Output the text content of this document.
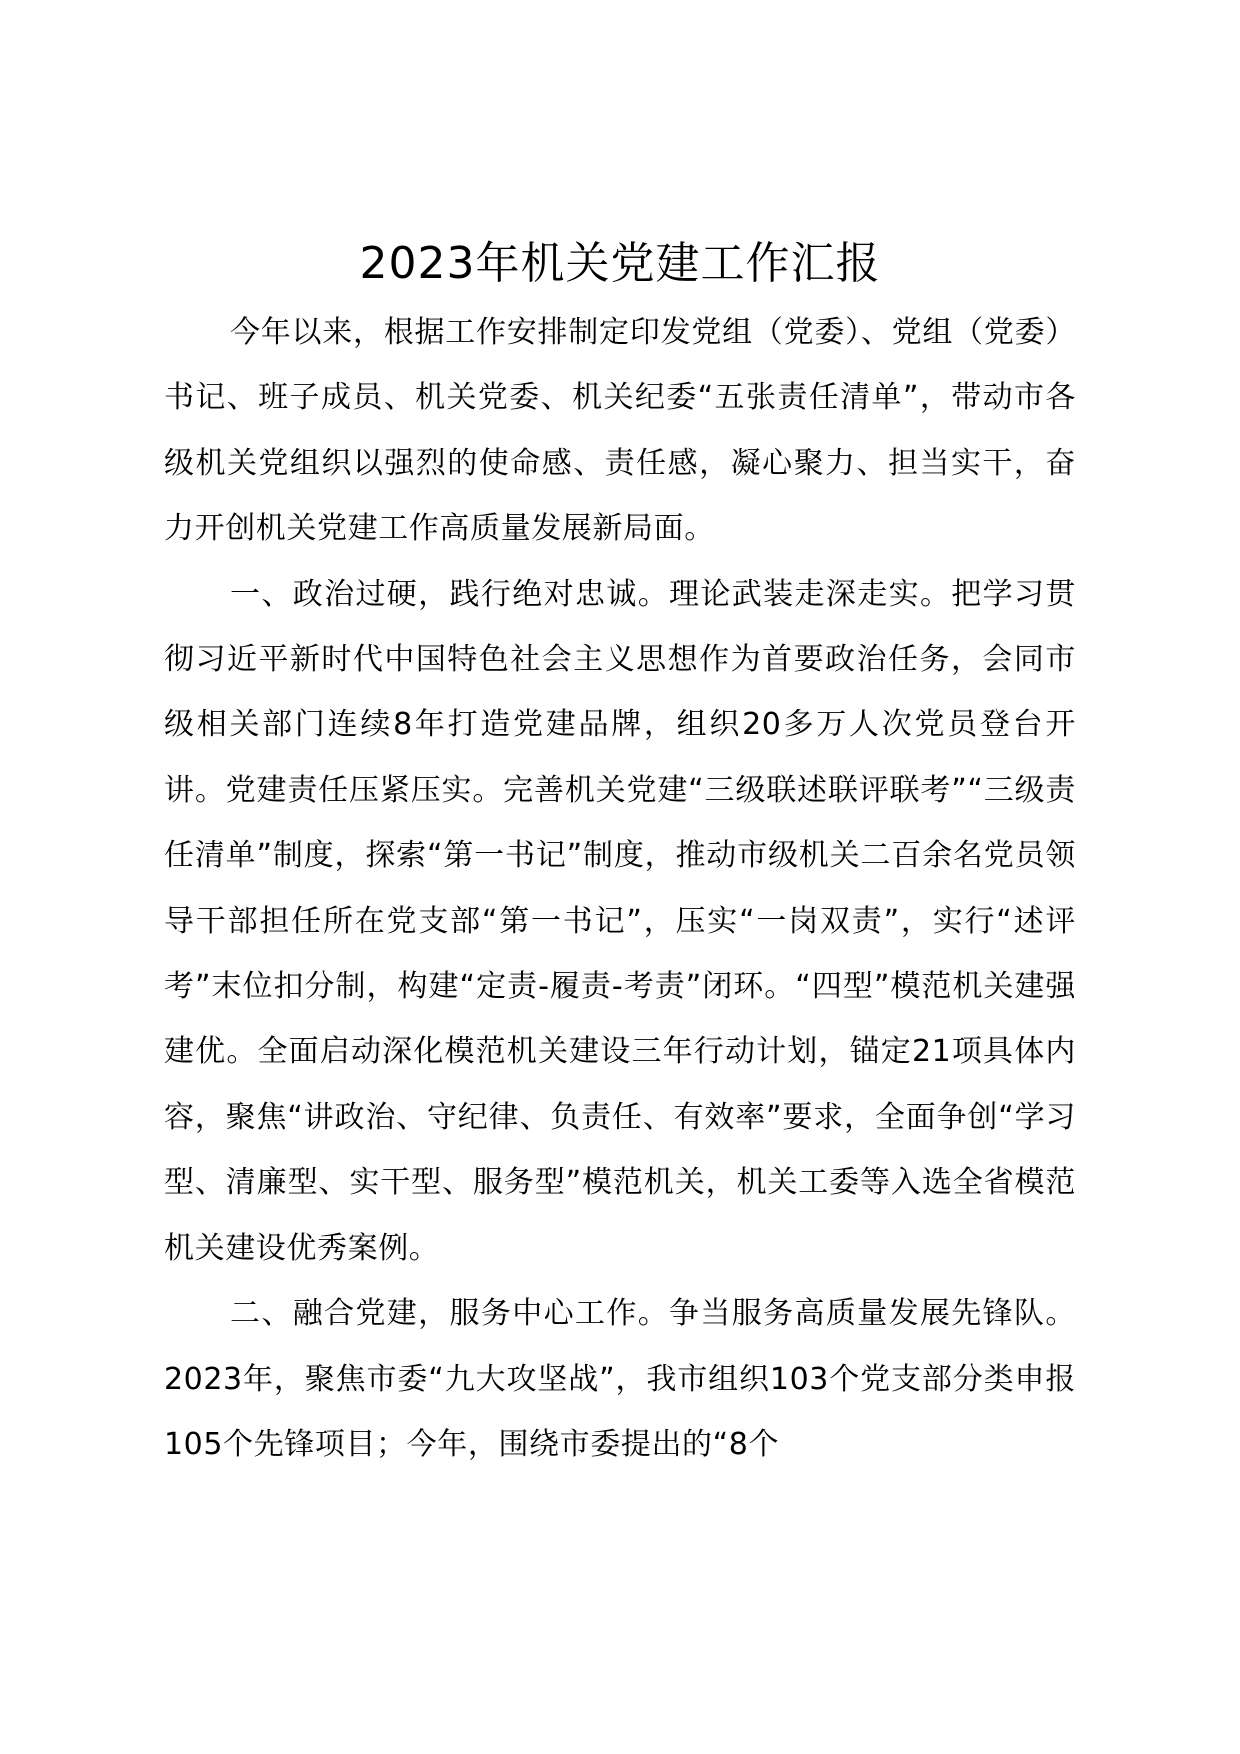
2023年机关党建工作汇报

今年以来，根据工作安排制定印发党组（党委）、党组（党委）书记、班子成员、机关党委、机关纪委“五张责任清单”，带动市各级机关党组织以强烈的使命感、责任感，凝心聚力、担当实干，奋力开创机关党建工作高质量发展新局面。

一、政治过硬，践行绝对忠诚。理论武装走深走实。把学习贯彻习近平新时代中国特色社会主义思想作为首要政治任务，会同市级相关部门连续8年打造党建品牌，组织20多万人次党员登台开讲。党建责任压紧压实。完善机关党建“三级联述联评联考”“三级责任清单”制度，探索“第一书记”制度，推动市级机关二百余名党员领导干部担任所在党支部“第一书记”，压实“一岗双责”，实行“述评考”末位扣分制，构建“定责-履责-考责”闭环。“四型”模范机关建强建优。全面启动深化模范机关建设三年行动计划，锚定21项具体内容，聚焦“讲政治、守纪律、负责任、有效率”要求，全面争创“学习型、清廉型、实干型、服务型”模范机关，机关工委等入选全省模范机关建设优秀案例。

二、融合党建，服务中心工作。争当服务高质量发展先锋队。2023年，聚焦市委“九大攻坚战”，我市组织103个党支部分类申报105个先锋项目；今年，围绕市委提出的“8个
